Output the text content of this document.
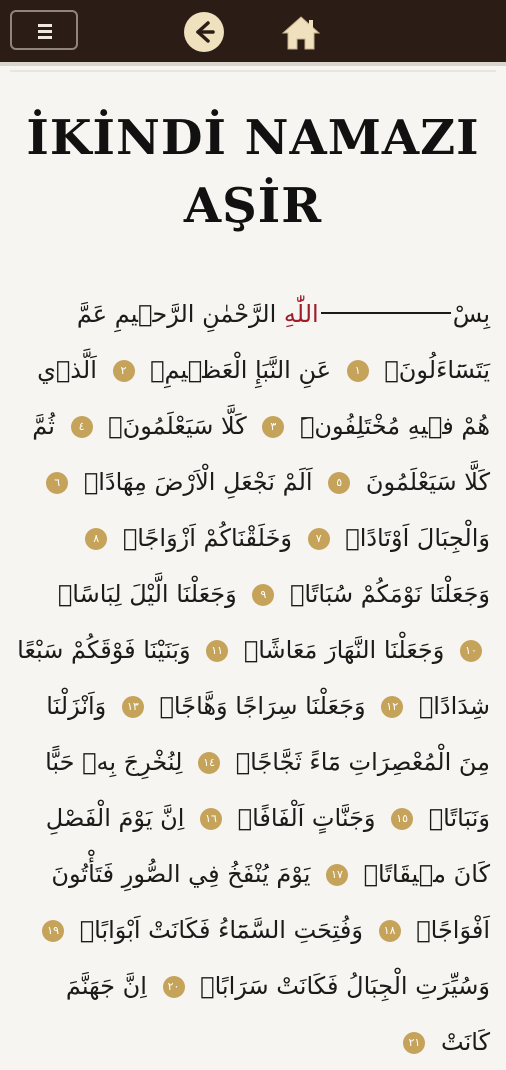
İKİNDİ NAMAZI
AŞİR
بِسْاللّٰهِ الرَّحْمٰنِ الرَّح۪يمِ عَمَّ يَتَسَٓاءَلُونَۚ ١ عَنِ النَّبَإِ الْعَظ۪يمِۙ ٢ اَلَّذ۪ي هُمْ ف۪يهِ مُخْتَلِفُونَۜ ٣ كَلَّا سَيَعْلَمُونَۙ ٤ ثُمَّ كَلَّا سَيَعْلَمُونَ ٥ اَلَمْ نَجْعَلِ الْاَرْضَ مِهَادًاۙ ٦ وَالْجِبَالَ اَوْتَادًاۖ ٧ وَخَلَقْنَاكُمْ اَزْوَاجًاۙ ٨ وَجَعَلْنَا نَوْمَكُمْ سُبَاتًاۙ ٩ وَجَعَلْنَا الَّيْلَ لِبَاسًاۙ ١٠ وَجَعَلْنَا النَّهَارَ مَعَاشًاۖ ١١ وَبَنَيْنَا فَوْقَكُمْ سَبْعًا شِدَادًاۙ ١٢ وَجَعَلْنَا سِرَاجًا وَهَّاجًاۖ ١٣ وَاَنْزَلْنَا مِنَ الْمُعْصِرَاتِ مَٓاءً ثَجَّاجًاۙ ١٤ لِنُخْرِجَ بِه۪ حَبًّا وَنَبَاتًاۙ ١٥ وَجَنَّاتٍ اَلْفَافًاۜ ١٦ اِنَّ يَوْمَ الْفَصْلِ كَانَ م۪يقَاتًاۙ ١٧ يَوْمَ يُنْفَخُ فِي الصُّورِ فَتَأْتُونَ اَفْوَاجًاۙ ١٨ وَفُتِحَتِ السَّمَٓاءُ فَكَانَتْ اَبْوَابًاۙ ١٩ وَسُيِّرَتِ الْجِبَالُ فَكَانَتْ سَرَابًاۜ ٢٠ اِنَّ جَهَنَّمَ كَانَتْ ٢١
